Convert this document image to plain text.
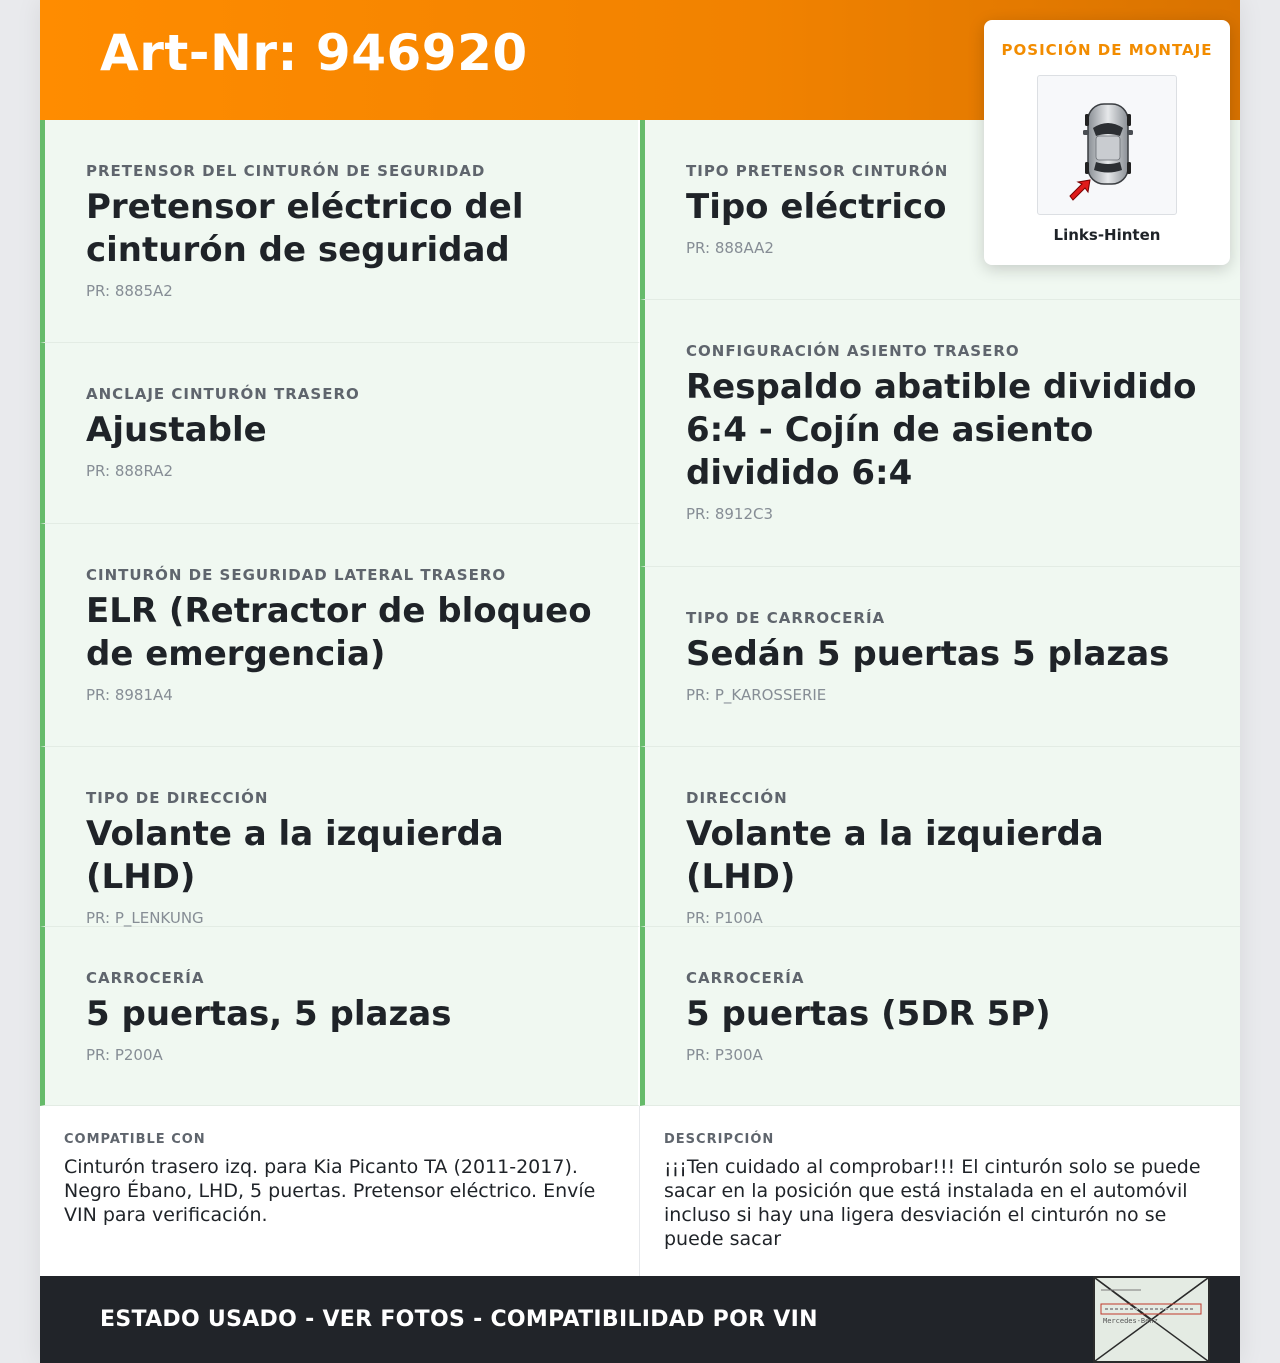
Art-Nr: 946920
PRETENSOR DEL CINTURÓN DE SEGURIDAD
Pretensor eléctrico del cinturón de seguridad
PR: 8885A2
ANCLAJE CINTURÓN TRASERO
Ajustable
PR: 888RA2
CINTURÓN DE SEGURIDAD LATERAL TRASERO
ELR (Retractor de bloqueo de emergencia)
PR: 8981A4
TIPO DE DIRECCIÓN
Volante a la izquierda (LHD)
PR: P_LENKUNG
CARROCERÍA
5 puertas, 5 plazas
PR: P200A
TIPO PRETENSOR CINTURÓN
Tipo eléctrico
PR: 888AA2
CONFIGURACIÓN ASIENTO TRASERO
Respaldo abatible dividido 6:4 - Cojín de asiento dividido 6:4
PR: 8912C3
TIPO DE CARROCERÍA
Sedán 5 puertas 5 plazas
PR: P_KAROSSERIE
DIRECCIÓN
Volante a la izquierda (LHD)
PR: P100A
CARROCERÍA
5 puertas (5DR 5P)
PR: P300A
POSICIÓN DE MONTAJE
Links-Hinten
COMPATIBLE CON
Cinturón trasero izq. para Kia Picanto TA (2011-2017). Negro Ébano, LHD, 5 puertas. Pretensor eléctrico. Envíe VIN para verificación.
DESCRIPCIÓN
¡¡¡Ten cuidado al comprobar!!! El cinturón solo se puede sacar en la posición que está instalada en el automóvil incluso si hay una ligera desviación el cinturón no se puede sacar
ESTADO USADO - VER FOTOS - COMPATIBILIDAD POR VIN	Mercedes-Benz
